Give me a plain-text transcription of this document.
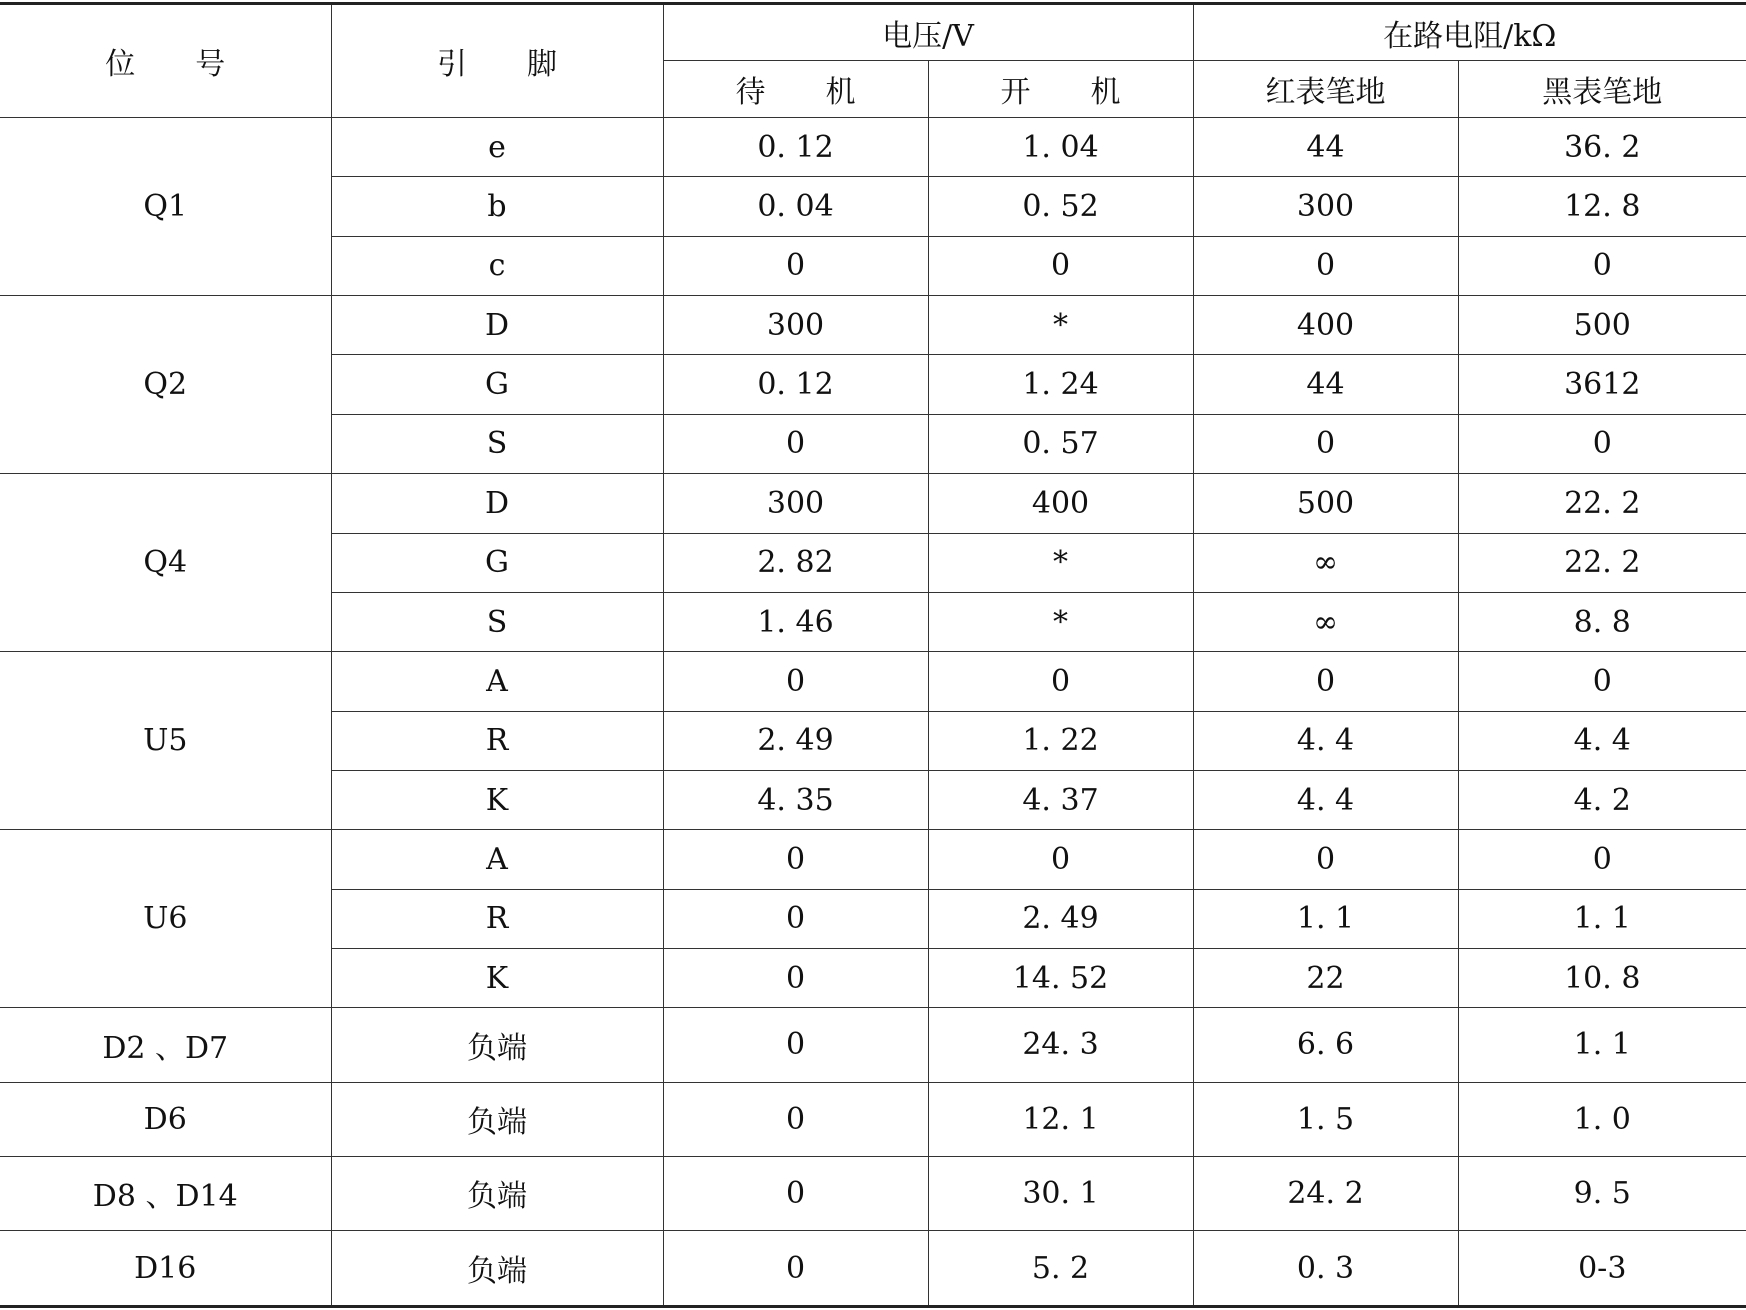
位　　号	引　　脚	电压/V		在路电阻/kΩ	
		待　　机	开　　机	红表笔地	黑表笔地
Q1	e	0. 12	1. 04	44	36. 2
	b	0. 04	0. 52	300	12. 8
	c	0	0	0	0
Q2	D	300	*	400	500
	G	0. 12	1. 24	44	3612
	S	0	0. 57	0	0
Q4	D	300	400	500	22. 2
	G	2. 82	*	∞	22. 2
	S	1. 46	*	∞	8. 8
U5	A	0	0	0	0
	R	2. 49	1. 22	4. 4	4. 4
	K	4. 35	4. 37	4. 4	4. 2
U6	A	0	0	0	0
	R	0	2. 49	1. 1	1. 1
	K	0	14. 52	22	10. 8
D2 、D7	负端	0	24. 3	6. 6	1. 1
D6	负端	0	12. 1	1. 5	1. 0
D8 、D14	负端	0	30. 1	24. 2	9. 5
D16	负端	0	5. 2	0. 3	0-3
